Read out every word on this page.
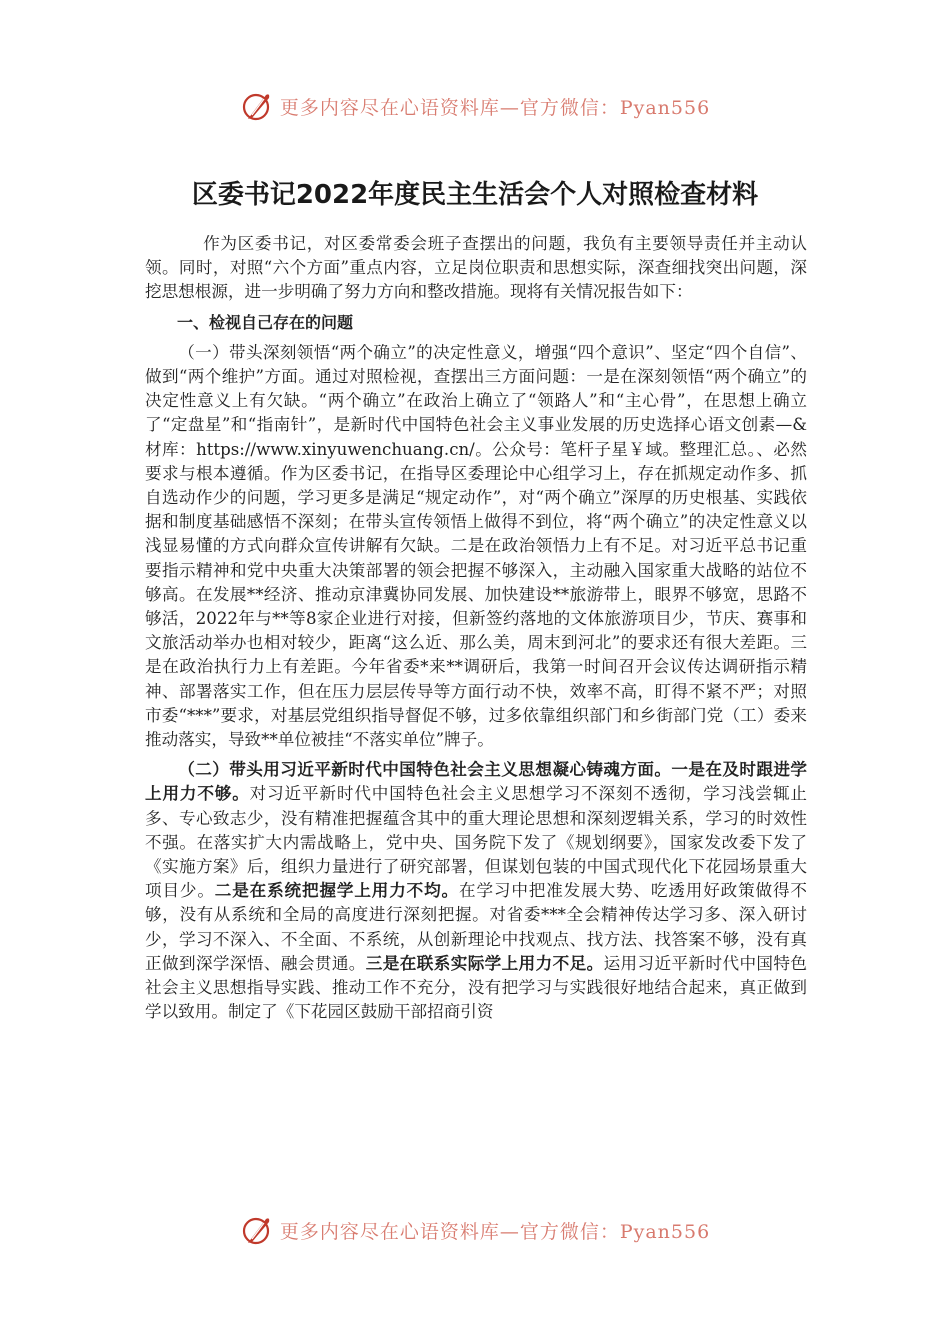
更多内容尽在心语资料库—官方微信：Pyan556
区委书记2022年度民主生活会个人对照检查材料

作为区委书记，对区委常委会班子查摆出的问题，我负有主要领导责任并主动认领。同时，对照“六个方面”重点内容，立足岗位职责和思想实际，深查细找突出问题，深挖思想根源，进一步明确了努力方向和整改措施。现将有关情况报告如下：

一、检视自己存在的问题

（一）带头深刻领悟“两个确立”的决定性意义，增强“四个意识”、坚定“四个自信”、做到“两个维护”方面。通过对照检视，查摆出三方面问题：一是在深刻领悟“两个确立”的决定性意义上有欠缺。“两个确立”在政治上确立了“领路人”和“主心骨”，在思想上确立了“定盘星”和“指南针”，是新时代中国特色社会主义事业发展的历史选择心语文创素—&材库：https://www.xinyuwenchuang.cn/。公众号：笔杆子星￥域。整理汇总。、必然要求与根本遵循。作为区委书记，在指导区委理论中心组学习上，存在抓规定动作多、抓自选动作少的问题，学习更多是满足“规定动作”，对“两个确立”深厚的历史根基、实践依据和制度基础感悟不深刻；在带头宣传领悟上做得不到位，将“两个确立”的决定性意义以浅显易懂的方式向群众宣传讲解有欠缺。二是在政治领悟力上有不足。对习近平总书记重要指示精神和党中央重大决策部署的领会把握不够深入，主动融入国家重大战略的站位不够高。在发展**经济、推动京津冀协同发展、加快建设**旅游带上，眼界不够宽，思路不够活，2022年与**等8家企业进行对接，但新签约落地的文体旅游项目少，节庆、赛事和文旅活动举办也相对较少，距离“这么近、那么美，周末到河北”的要求还有很大差距。三是在政治执行力上有差距。今年省委*来**调研后，我第一时间召开会议传达调研指示精神、部署落实工作，但在压力层层传导等方面行动不快，效率不高，盯得不紧不严；对照市委“***”要求，对基层党组织指导督促不够，过多依靠组织部门和乡街部门党（工）委来推动落实，导致**单位被挂“不落实单位”牌子。

（二）带头用习近平新时代中国特色社会主义思想凝心铸魂方面。一是在及时跟进学上用力不够。对习近平新时代中国特色社会主义思想学习不深刻不透彻，学习浅尝辄止多、专心致志少，没有精准把握蕴含其中的重大理论思想和深刻逻辑关系，学习的时效性不强。在落实扩大内需战略上，党中央、国务院下发了《规划纲要》，国家发改委下发了《实施方案》后，组织力量进行了研究部署，但谋划包装的中国式现代化下花园场景重大项目少。二是在系统把握学上用力不均。在学习中把准发展大势、吃透用好政策做得不够，没有从系统和全局的高度进行深刻把握。对省委***全会精神传达学习多、深入研讨少，学习不深入、不全面、不系统，从创新理论中找观点、找方法、找答案不够，没有真正做到深学深悟、融会贯通。三是在联系实际学上用力不足。运用习近平新时代中国特色社会主义思想指导实践、推动工作不充分，没有把学习与实践很好地结合起来，真正做到学以致用。制定了《下花园区鼓励干部招商引资

更多内容尽在心语资料库—官方微信：Pyan556
